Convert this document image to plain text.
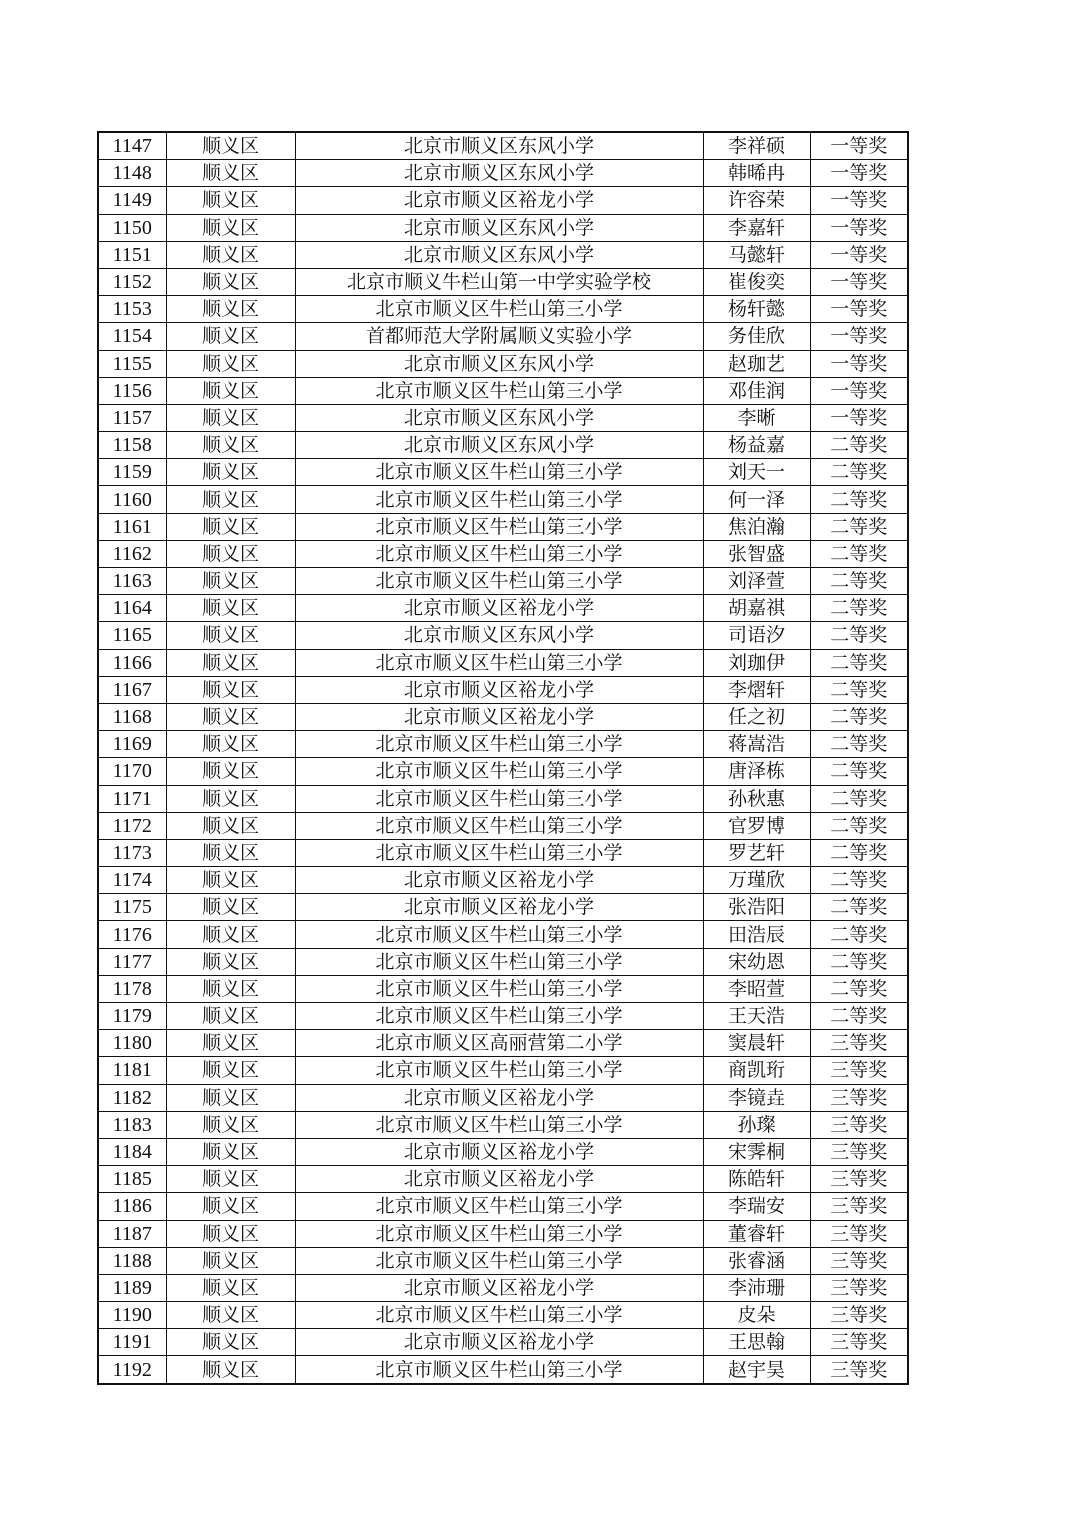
1147	顺义区	北京市顺义区东风小学	李祥硕	一等奖
1148	顺义区	北京市顺义区东风小学	韩晞冉	一等奖
1149	顺义区	北京市顺义区裕龙小学	许容荣	一等奖
1150	顺义区	北京市顺义区东风小学	李嘉轩	一等奖
1151	顺义区	北京市顺义区东风小学	马懿轩	一等奖
1152	顺义区	北京市顺义牛栏山第一中学实验学校	崔俊奕	一等奖
1153	顺义区	北京市顺义区牛栏山第三小学	杨轩懿	一等奖
1154	顺义区	首都师范大学附属顺义实验小学	务佳欣	一等奖
1155	顺义区	北京市顺义区东风小学	赵珈艺	一等奖
1156	顺义区	北京市顺义区牛栏山第三小学	邓佳润	一等奖
1157	顺义区	北京市顺义区东风小学	李晰	一等奖
1158	顺义区	北京市顺义区东风小学	杨益嘉	二等奖
1159	顺义区	北京市顺义区牛栏山第三小学	刘天一	二等奖
1160	顺义区	北京市顺义区牛栏山第三小学	何一泽	二等奖
1161	顺义区	北京市顺义区牛栏山第三小学	焦泊瀚	二等奖
1162	顺义区	北京市顺义区牛栏山第三小学	张智盛	二等奖
1163	顺义区	北京市顺义区牛栏山第三小学	刘泽萱	二等奖
1164	顺义区	北京市顺义区裕龙小学	胡嘉祺	二等奖
1165	顺义区	北京市顺义区东风小学	司语汐	二等奖
1166	顺义区	北京市顺义区牛栏山第三小学	刘珈伊	二等奖
1167	顺义区	北京市顺义区裕龙小学	李熠轩	二等奖
1168	顺义区	北京市顺义区裕龙小学	任之初	二等奖
1169	顺义区	北京市顺义区牛栏山第三小学	蒋嵩浩	二等奖
1170	顺义区	北京市顺义区牛栏山第三小学	唐泽栋	二等奖
1171	顺义区	北京市顺义区牛栏山第三小学	孙秋惠	二等奖
1172	顺义区	北京市顺义区牛栏山第三小学	官罗博	二等奖
1173	顺义区	北京市顺义区牛栏山第三小学	罗艺轩	二等奖
1174	顺义区	北京市顺义区裕龙小学	万瑾欣	二等奖
1175	顺义区	北京市顺义区裕龙小学	张浩阳	二等奖
1176	顺义区	北京市顺义区牛栏山第三小学	田浩辰	二等奖
1177	顺义区	北京市顺义区牛栏山第三小学	宋幼恩	二等奖
1178	顺义区	北京市顺义区牛栏山第三小学	李昭萱	二等奖
1179	顺义区	北京市顺义区牛栏山第三小学	王天浩	二等奖
1180	顺义区	北京市顺义区高丽营第二小学	窦晨轩	三等奖
1181	顺义区	北京市顺义区牛栏山第三小学	商凯珩	三等奖
1182	顺义区	北京市顺义区裕龙小学	李镜垚	三等奖
1183	顺义区	北京市顺义区牛栏山第三小学	孙璨	三等奖
1184	顺义区	北京市顺义区裕龙小学	宋霁桐	三等奖
1185	顺义区	北京市顺义区裕龙小学	陈皓轩	三等奖
1186	顺义区	北京市顺义区牛栏山第三小学	李瑞安	三等奖
1187	顺义区	北京市顺义区牛栏山第三小学	董睿轩	三等奖
1188	顺义区	北京市顺义区牛栏山第三小学	张睿涵	三等奖
1189	顺义区	北京市顺义区裕龙小学	李沛珊	三等奖
1190	顺义区	北京市顺义区牛栏山第三小学	皮朵	三等奖
1191	顺义区	北京市顺义区裕龙小学	王思翰	三等奖
1192	顺义区	北京市顺义区牛栏山第三小学	赵宇昊	三等奖
